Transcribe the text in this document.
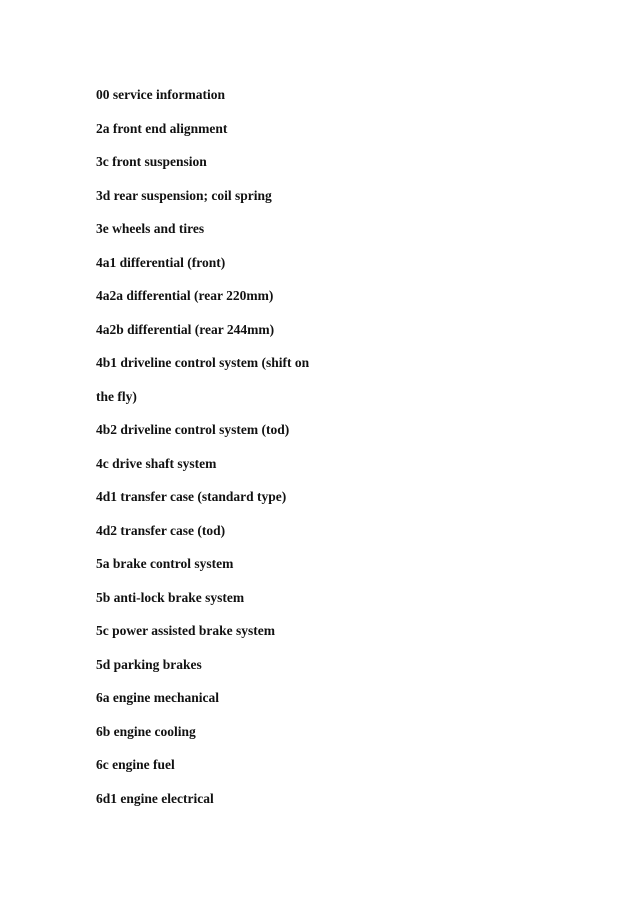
00 service information
2a front end alignment
3c front suspension
3d rear suspension; coil spring
3e wheels and tires
4a1 differential (front)
4a2a differential (rear 220mm)
4a2b differential (rear 244mm)
4b1 driveline control system (shift on
the fly)
4b2 driveline control system (tod)
4c drive shaft system
4d1 transfer case (standard type)
4d2 transfer case (tod)
5a brake control system
5b anti-lock brake system
5c power assisted brake system
5d parking brakes
6a engine mechanical
6b engine cooling
6c engine fuel
6d1 engine electrical
